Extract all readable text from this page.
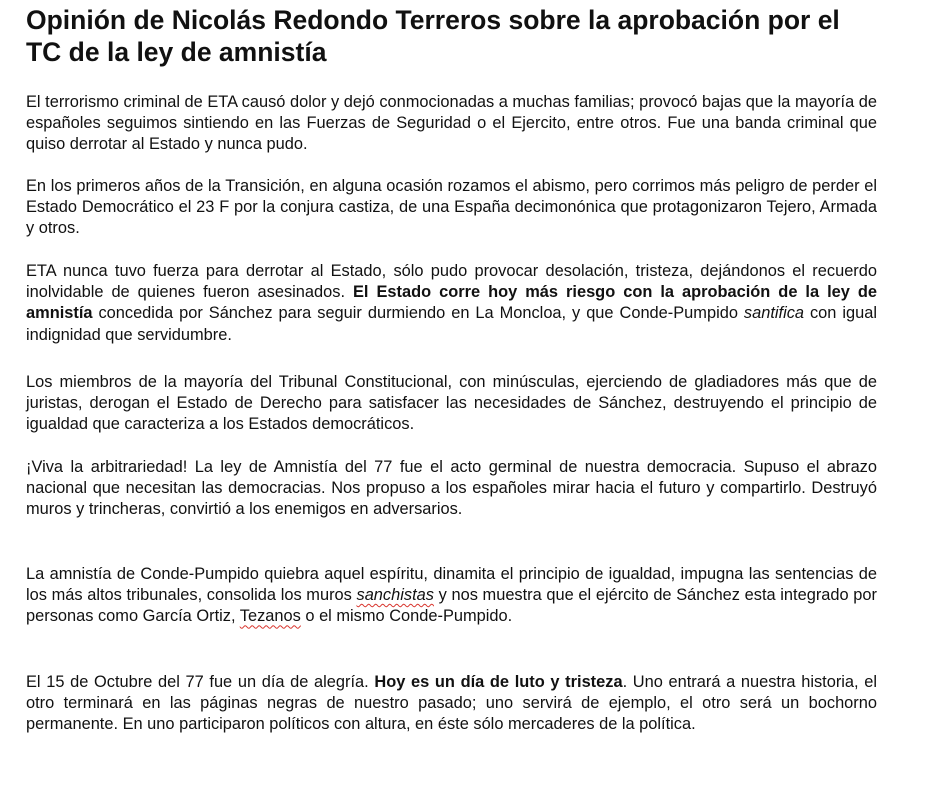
Opinión de Nicolás Redondo Terreros sobre la aprobación por el TC de la ley de amnistía

El terrorismo criminal de ETA causó dolor y dejó conmocionadas a muchas familias; provocó bajas que la mayoría de españoles seguimos sintiendo en las Fuerzas de Seguridad o el Ejercito, entre otros. Fue una banda criminal que quiso derrotar al Estado y nunca pudo.

En los primeros años de la Transición, en alguna ocasión rozamos el abismo, pero corrimos más peligro de perder el Estado Democrático el 23 F por la conjura castiza, de una España decimonónica que protagonizaron Tejero, Armada y otros.

ETA nunca tuvo fuerza para derrotar al Estado, sólo pudo provocar desolación, tristeza, dejándonos el recuerdo inolvidable de quienes fueron asesinados. El Estado corre hoy más riesgo con la aprobación de la ley de amnistía concedida por Sánchez para seguir durmiendo en La Moncloa, y que Conde-Pumpido santifica con igual indignidad que servidumbre.

Los miembros de la mayoría del Tribunal Constitucional, con minúsculas, ejerciendo de gladiadores más que de juristas, derogan el Estado de Derecho para satisfacer las necesidades de Sánchez, destruyendo el principio de igualdad que caracteriza a los Estados democráticos.

¡Viva la arbitrariedad! La ley de Amnistía del 77 fue el acto germinal de nuestra democracia. Supuso el abrazo nacional que necesitan las democracias. Nos propuso a los españoles mirar hacia el futuro y compartirlo. Destruyó muros y trincheras, convirtió a los enemigos en adversarios.

La amnistía de Conde-Pumpido quiebra aquel espíritu, dinamita el principio de igualdad, impugna las sentencias de los más altos tribunales, consolida los muros sanchistas y nos muestra que el ejército de Sánchez esta integrado por personas como García Ortiz, Tezanos o el mismo Conde-Pumpido.

El 15 de Octubre del 77 fue un día de alegría. Hoy es un día de luto y tristeza. Uno entrará a nuestra historia, el otro terminará en las páginas negras de nuestro pasado; uno servirá de ejemplo, el otro será un bochorno permanente. En uno participaron políticos con altura, en éste sólo mercaderes de la política.
